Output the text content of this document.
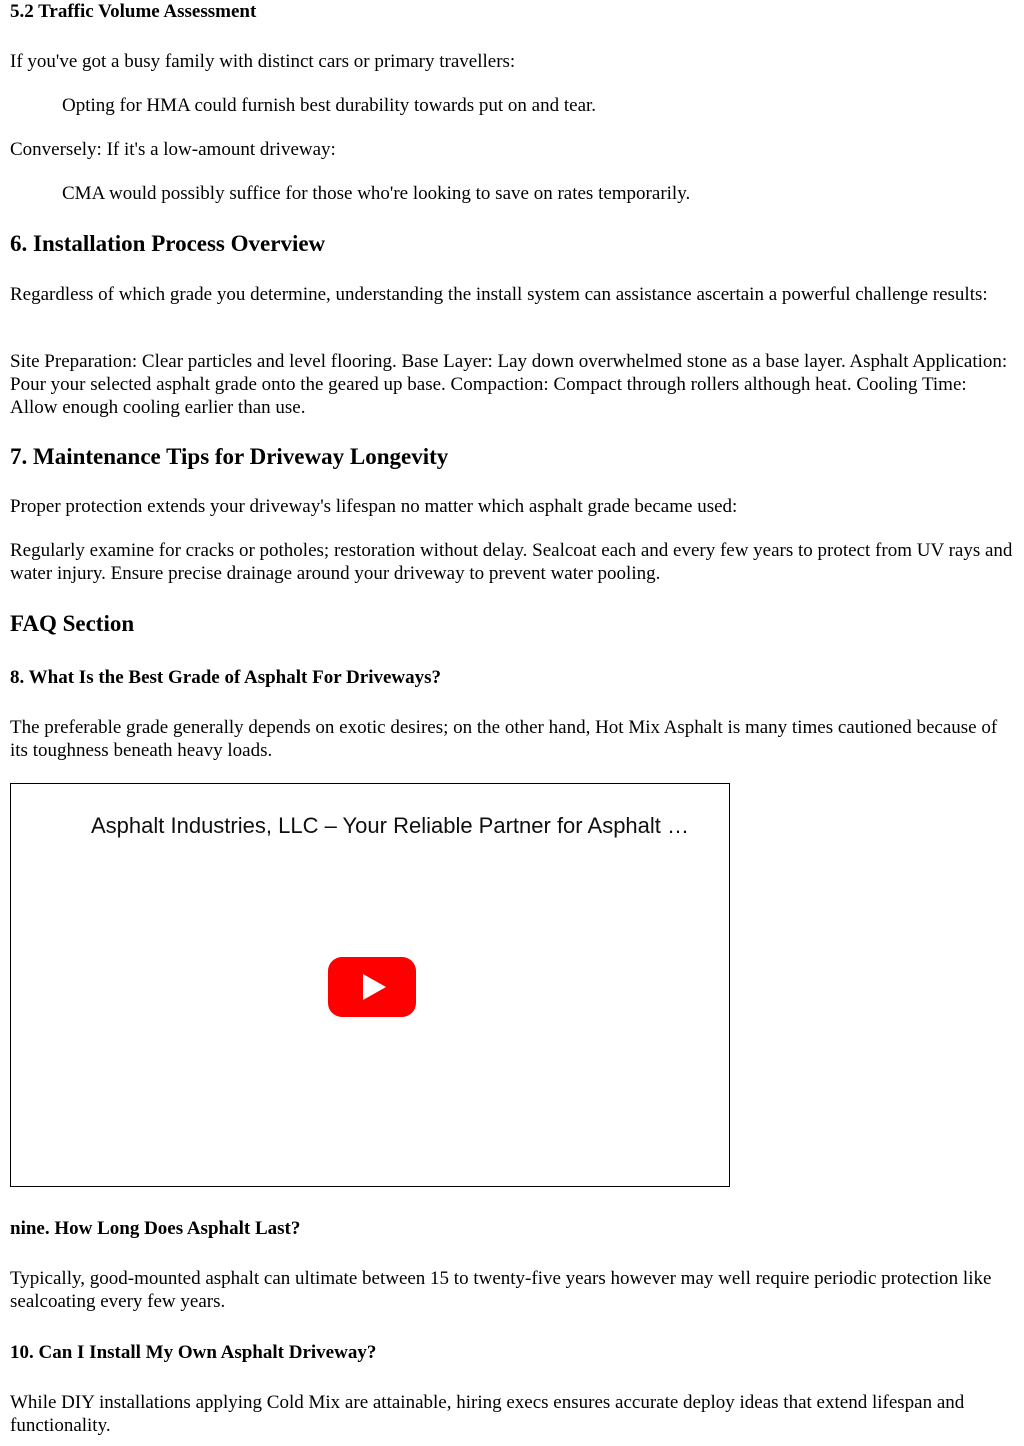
5.2 Traffic Volume Assessment

If you've got a busy family with distinct cars or primary travellers:

Opting for HMA could furnish best durability towards put on and tear.

Conversely: If it's a low-amount driveway:

CMA would possibly suffice for those who're looking to save on rates temporarily.

6. Installation Process Overview

Regardless of which grade you determine, understanding the install system can assistance ascertain a powerful challenge results:

Site Preparation: Clear particles and level flooring. Base Layer: Lay down overwhelmed stone as a base layer. Asphalt Application: Pour your selected asphalt grade onto the geared up base. Compaction: Compact through rollers although heat. Cooling Time: Allow enough cooling earlier than use.

7. Maintenance Tips for Driveway Longevity

Proper protection extends your driveway's lifespan no matter which asphalt grade became used:

Regularly examine for cracks or potholes; restoration without delay. Sealcoat each and every few years to protect from UV rays and water injury. Ensure precise drainage around your driveway to prevent water pooling.

FAQ Section
8. What Is the Best Grade of Asphalt For Driveways?

The preferable grade generally depends on exotic desires; on the other hand, Hot Mix Asphalt is many times cautioned because of its toughness beneath heavy loads.

Asphalt Industries, LLC – Your Reliable Partner for Asphalt …
nine. How Long Does Asphalt Last?

Typically, good-mounted asphalt can ultimate between 15 to twenty-five years however may well require periodic protection like sealcoating every few years.

10. Can I Install My Own Asphalt Driveway?

While DIY installations applying Cold Mix are attainable, hiring execs ensures accurate deploy ideas that extend lifespan and functionality.
